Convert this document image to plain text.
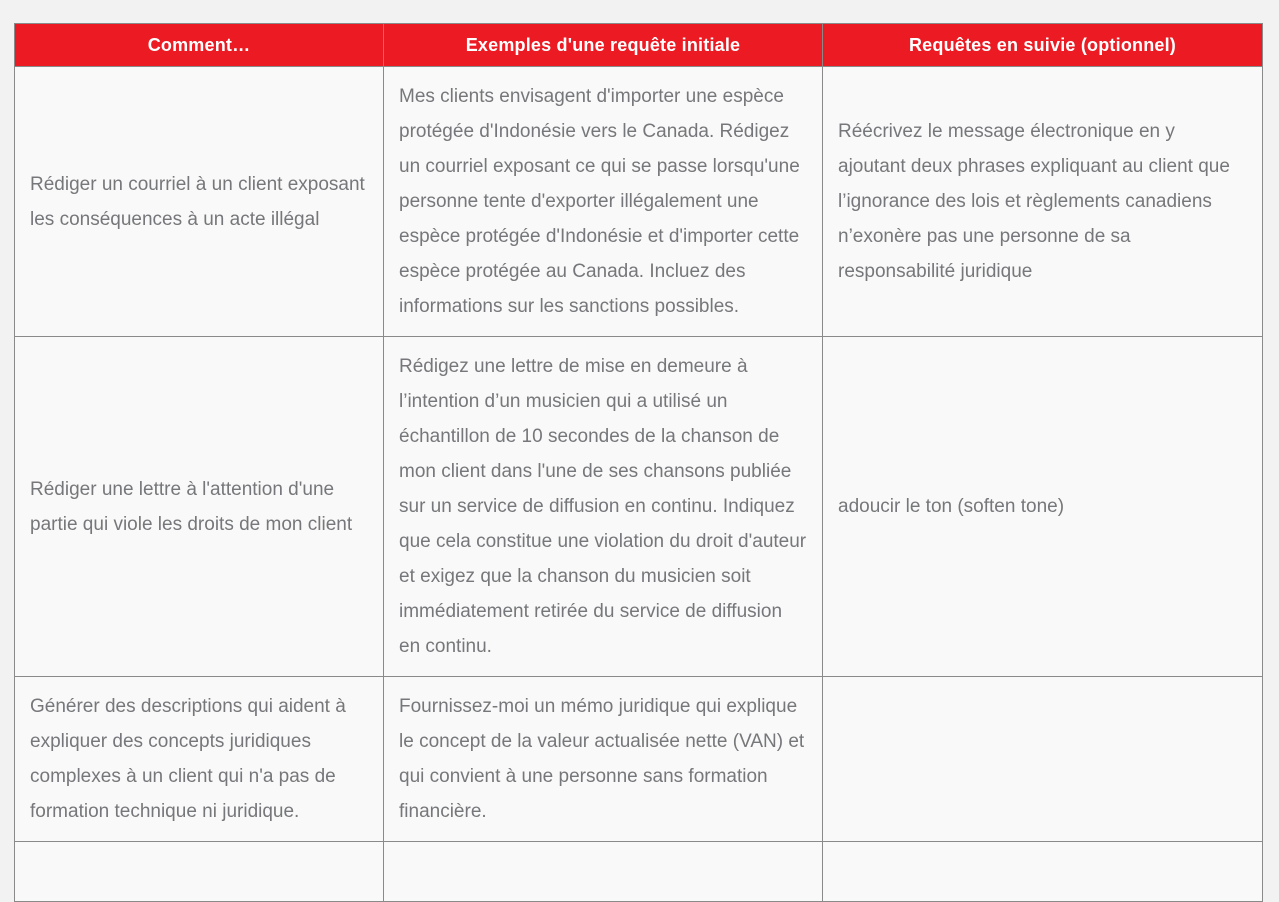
Comment…	Exemples d'une requête initiale	Requêtes en suivie (optionnel)
Rédiger un courriel à un client exposant les conséquences à un acte illégal	Mes clients envisagent d'importer une espèce protégée d'Indonésie vers le Canada. Rédigez un courriel exposant ce qui se passe lorsqu'une personne tente d'exporter illégalement une espèce protégée d'Indonésie et d'importer cette espèce protégée au Canada. Incluez des informations sur les sanctions possibles.	Réécrivez le message électronique en y ajoutant deux phrases expliquant au client que l’ignorance des lois et règlements canadiens n’exonère pas une personne de sa responsabilité juridique
Rédiger une lettre à l'attention d'une partie qui viole les droits de mon client	Rédigez une lettre de mise en demeure à l’intention d’un musicien qui a utilisé un échantillon de 10 secondes de la chanson de mon client dans l'une de ses chansons publiée sur un service de diffusion en continu. Indiquez que cela constitue une violation du droit d'auteur et exigez que la chanson du musicien soit immédiatement retirée du service de diffusion en continu.	adoucir le ton (soften tone)
Générer des descriptions qui aident à expliquer des concepts juridiques complexes à un client qui n'a pas de formation technique ni juridique.	Fournissez-moi un mémo juridique qui explique le concept de la valeur actualisée nette (VAN) et qui convient à une personne sans formation financière.	
